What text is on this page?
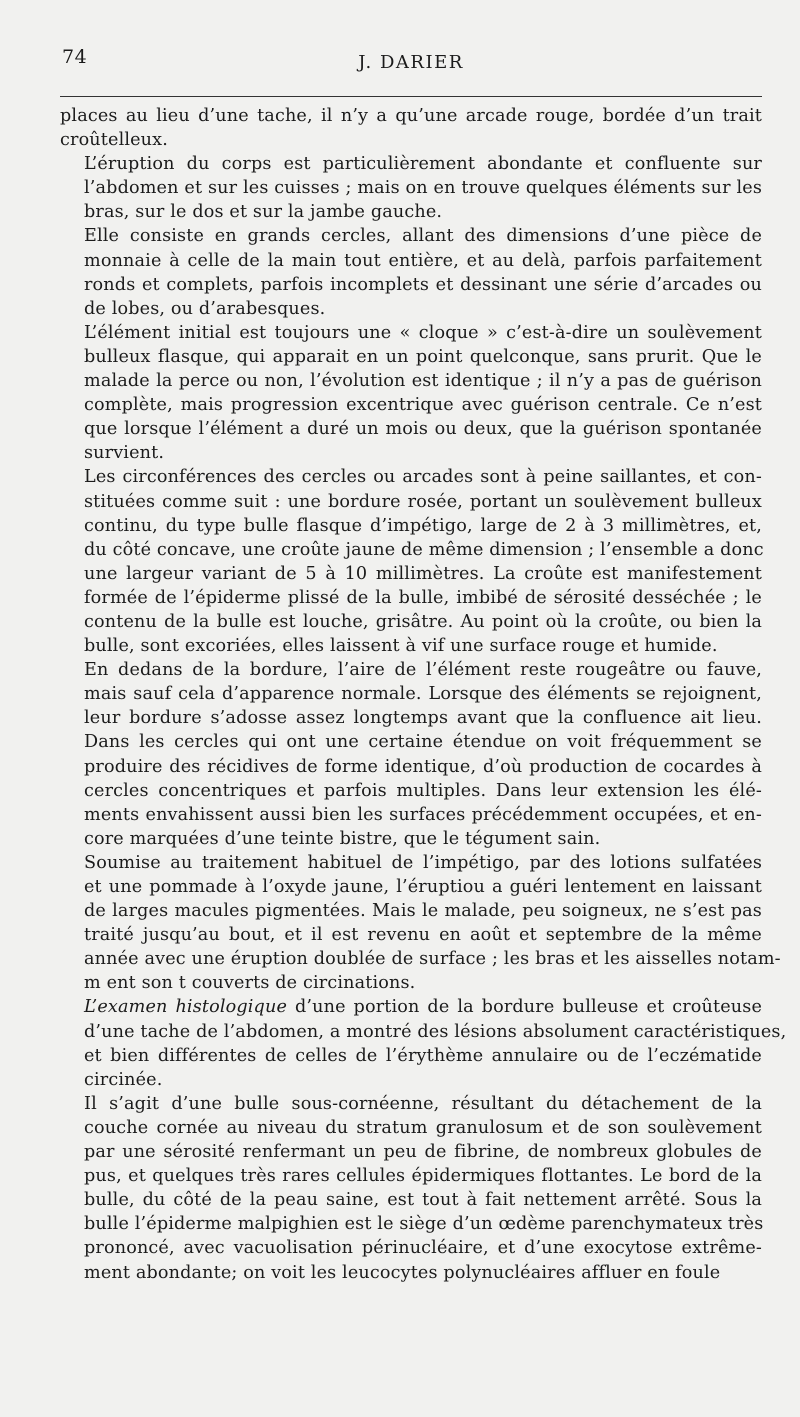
74	J. DARIER

places au lieu d’une tache, il n’y a qu’une arcade rouge, bordée d’un trait
croûtelleux.

L’éruption du corps est particulièrement abondante et confluente sur
l’abdomen et sur les cuisses ; mais on en trouve quelques éléments sur les
bras, sur le dos et sur la jambe gauche.

Elle consiste en grands cercles, allant des dimensions d’une pièce de
monnaie à celle de la main tout entière, et au delà, parfois parfaitement
ronds et complets, parfois incomplets et dessinant une série d’arcades ou
de lobes, ou d’arabesques.

L’élément initial est toujours une « cloque » c’est-à-dire un soulèvement
bulleux flasque, qui apparait en un point quelconque, sans prurit. Que le
malade la perce ou non, l’évolution est identique ; il n’y a pas de guérison
complète, mais progression excentrique avec guérison centrale. Ce n’est
que lorsque l’élément a duré un mois ou deux, que la guérison spontanée
survient.

Les circonférences des cercles ou arcades sont à peine saillantes, et con-
stituées comme suit : une bordure rosée, portant un soulèvement bulleux
continu, du type bulle flasque d’impétigo, large de 2 à 3 millimètres, et,
du côté concave, une croûte jaune de même dimension ; l’ensemble a donc
une largeur variant de 5 à 10 millimètres. La croûte est manifestement
formée de l’épiderme plissé de la bulle, imbibé de sérosité desséchée ; le
contenu de la bulle est louche, grisâtre. Au point où la croûte, ou bien la
bulle, sont excoriées, elles laissent à vif une surface rouge et humide.

En dedans de la bordure, l’aire de l’élément reste rougeâtre ou fauve,
mais sauf cela d’apparence normale. Lorsque des éléments se rejoignent,
leur bordure s’adosse assez longtemps avant que la confluence ait lieu.
Dans les cercles qui ont une certaine étendue on voit fréquemment se
produire des récidives de forme identique, d’où production de cocardes à
cercles concentriques et parfois multiples. Dans leur extension les élé-
ments envahissent aussi bien les surfaces précédemment occupées, et en-
core marquées d’une teinte bistre, que le tégument sain.

Soumise au traitement habituel de l’impétigo, par des lotions sulfatées
et une pommade à l’oxyde jaune, l’éruptiou a guéri lentement en laissant
de larges macules pigmentées. Mais le malade, peu soigneux, ne s’est pas
traité jusqu’au bout, et il est revenu en août et septembre de la même
année avec une éruption doublée de surface ; les bras et les aisselles notam-
m ent son t couverts de circinations.

L’examen histologique d’une portion de la bordure bulleuse et croûteuse
d’une tache de l’abdomen, a montré des lésions absolument caractéristiques,
et bien différentes de celles de l’érythème annulaire ou de l’eczématide
circinée.

Il s’agit d’une bulle sous-cornéenne, résultant du détachement de la
couche cornée au niveau du stratum granulosum et de son soulèvement
par une sérosité renfermant un peu de fibrine, de nombreux globules de
pus, et quelques très rares cellules épidermiques flottantes. Le bord de la
bulle, du côté de la peau saine, est tout à fait nettement arrêté. Sous la
bulle l’épiderme malpighien est le siège d’un œdème parenchymateux très
prononcé, avec vacuolisation périnucléaire, et d’une exocytose extrême-
ment abondante; on voit les leucocytes polynucléaires affluer en foule
